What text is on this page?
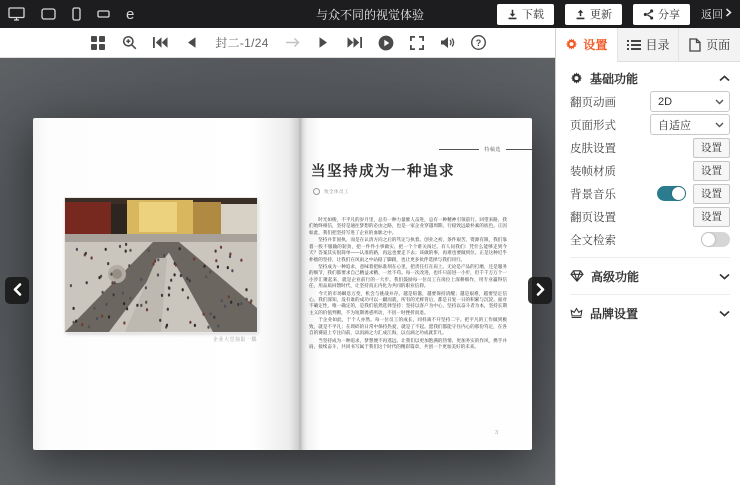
e	与众不同的视觉体验	下载	更新	分享 返回
封二-1/24	?
企业大堂掠影一隅
特稿选
当坚持成为一种追求
致全体员工

时光如梭，不平凡的岁月里，总有一种力量催人奋进，总有一种精神引领前行。回望来路，我们始终相信，坚持是通往梦想的必由之路，也是一家企业穿越周期、行稳致远最朴素的底色。正因如此，我们把坚持写进了企业的血脉之中。

坚持并非固执，而是在认清方向之后的笃定与执着。创业之初，条件艰苦、资源有限，我们靠着一股不服输的韧劲，把一件件小事做实、把一个个难关闯过。有人问我们：凭什么能够走到今天？答案其实很简单——认准的路，再远也要走下去；该做的事，再难也要做到位。正是这种近乎朴拙的坚持，让我们在风雨之中站稳了脚跟，也让更多伙伴选择与我们同行。

坚持成为一种追求，意味着把标准刻在心里，把责任扛在肩上。无论是产品的打磨，还是服务的细节，我们都要求自己精益求精、一丝不苟。每一次改进，也许只前进一小步，但千千万万个一小步汇聚起来，就是企业前行的一大步。我们鼓励每一位员工在岗位上深耕细作，用专业赢得信任，用品质回馈时代，让坚持真正内化为共同的职业信仰。

今天的市场瞬息万变，机会与挑战并存。越是喧嚣，越要保持清醒；越是艰难，越要坚定信心。我们深知，没有谁的成功可以一蹴而就，所有的光鲜背后，都是日复一日的积累与沉淀。面对不确定性，唯一确定的，是我们依然选择坚持：坚持以客户为中心，坚持以奋斗者为本，坚持长期主义的价值判断，不为短期诱惑所动，不因一时挫折而退。

于企业如此，于个人亦然。每一位员工的成长，同样离不开坚持二字。把平凡的工作做到极致，就是不平凡；在琐碎的日常中保持热爱，就是了不起。愿我们都能守住内心的那份笃定，在各自的赛道上专注向前，以涓滴之力汇成江海，以点滴之功成就非凡。

当坚持成为一种追求，梦想便不再遥远。让我们以更加饱满的热情、更加务实的作风，携手并肩、接续奋斗，共同书写属于我们这个时代的精彩篇章，共创一个更加美好的未来。

3
设置	目录	页面
基础功能
翻页动画	2D
页面形式	自适应
皮肤设置	设置
装帧材质	设置
背景音乐	设置
翻页设置	设置
全文检索
高级功能
品牌设置
